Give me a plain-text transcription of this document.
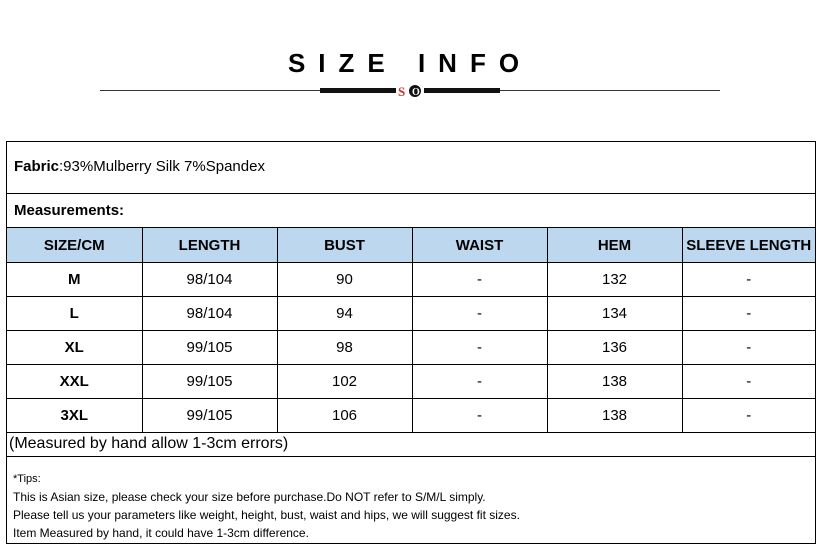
SIZE INFO
S O
Fabric:93%Mulberry Silk 7%Spandex
Measurements:
SIZE/CM	LENGTH	BUST	WAIST	HEM	SLEEVE LENGTH
M	98/104	90	-	132	-
L	98/104	94	-	134	-
XL	99/105	98	-	136	-
XXL	99/105	102	-	138	-
3XL	99/105	106	-	138	-
(Measured by hand allow 1-3cm errors)
*Tips:
This is Asian size, please check your size before purchase.Do NOT refer to S/M/L simply.
Please tell us your parameters like weight, height, bust, waist and hips, we will suggest fit sizes.
Item Measured by hand, it could have 1-3cm difference.
